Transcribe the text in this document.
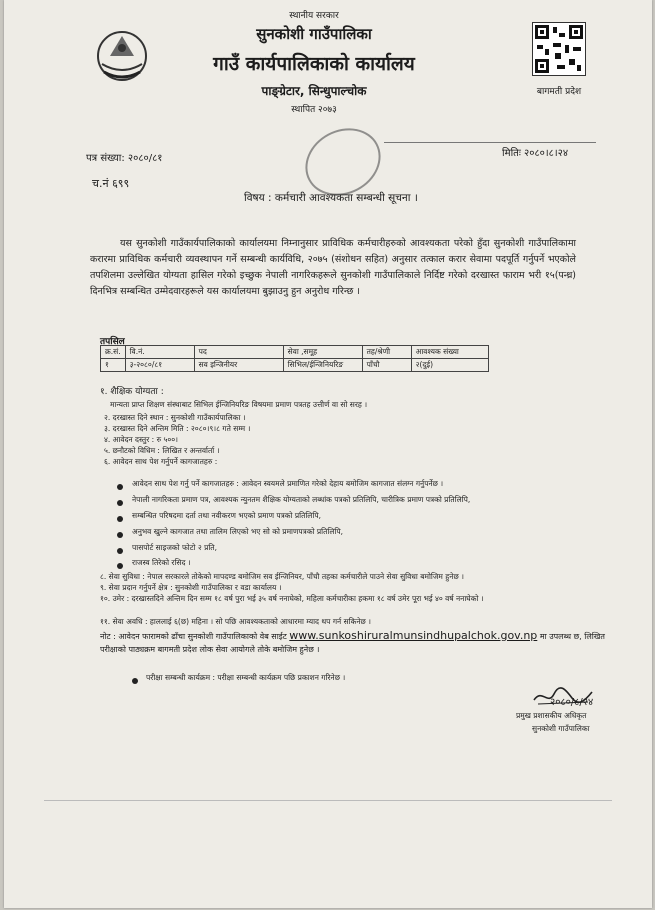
स्थानीय सरकार
सुनकोशी गाउँपालिका
गाउँ कार्यपालिकाको कार्यालय
पाङ्ग्रेटार, सिन्धुपाल्चोक
स्थापित २०७३
बागमती प्रदेश
पत्र संख्या: २०८०/८१
च.नं ६९९
मितिः २०८०।८।२४
विषय : कर्मचारी आवश्यकता सम्बन्धी सूचना ।
यस सुनकोशी गाउँकार्यपालिकाको कार्यालयमा निम्नानुसार प्राविधिक कर्मचारीहरुको आवश्यकता परेको हुँदा सुनकोशी गाउँपालिकामा करारमा प्राविधिक कर्मचारी व्यवस्थापन गर्ने सम्बन्धी कार्यविधि, २०७५ (संशोधन सहित) अनुसार तत्काल करार सेवामा पदपूर्ति गर्नुपर्ने भएकोले तपशिलमा उल्लेखित योग्यता हासिल गरेको इच्छुक नेपाली नागरिकहरूले सुनकोशी गाउँपालिकाले निर्दिष्ट गरेको दरखास्त फाराम भरी १५(पन्ध्र) दिनभित्र सम्बन्धित उम्मेदवारहरूले यस कार्यालयमा बुझाउनु हुन अनुरोध गरिन्छ ।
तपसिल
क्र.सं.	वि.नं.	पद	सेवा ,समूह	तह/श्रेणी	आवश्यक संख्या
१	३-२०८०/८१	सव इन्जिनीयर	सिभिल/ईन्जिनियरिङ	पाँचौ	२(दुई)
१. शैक्षिक योग्यता :
मान्यता प्राप्त शिक्षण संस्थाबाट सिभिल ईन्जिनियरिङ विषयमा प्रमाण पत्रतह उत्तीर्ण वा सो सरह ।
२. दरखास्त दिने स्थान : सुनकोशी गाउँकार्यपालिका ।
३. दरखास्त दिने अन्तिम मिति : २०८०।९।८ गते सम्म ।
४. आवेदन दस्तुर : रु ५००।
५. छनौटको विधिम : लिखित र अन्तर्वार्ता ।
६. आवेदन साथ पेश गर्नुपर्ने कागजातहरु :
आवेदन साथ पेश गर्नु पर्ने कागजातहरु : आवेदन स्वयमले प्रमाणित गरेको देहाय बमोजिम कागजात संलग्न गर्नुपर्नेछ ।
नेपाली नागरिकता प्रमाण पत्र, आवश्यक न्युनतम शैक्षिक योग्यताको लब्धांक पत्रको प्रतिलिपि, चारीत्रिक प्रमाण पत्रको प्रतिलिपि,
सम्बन्धित परिषदमा दर्ता तथा नवीकरण भएको प्रमाण पत्रको प्रतिलिपि,
अनुभव खुल्ने कागजात तथा तालिम लिएको भए सो को प्रमाणपत्रको प्रतिलिपि,
पासपोर्ट साइजको फोटो २ प्रति,
राजस्व तिरेको रसिद ।
८. सेवा सुविधा : नेपाल सरकारले तोकेको मापदण्ड बमोजिम सव ईन्जिनियर, पाँचौ तहका कर्मचारीले पाउने सेवा सुविधा बमोजिम हुनेछ ।
९. सेवा प्रदान गर्नुपर्ने क्षेत्र : सुनकोशी गाउँपालिका र वडा कार्यालय ।
१०. उमेर : दरखास्तदिने अन्तिम दिन सम्म १८ वर्ष पुरा भई ३५ वर्ष ननाघेको, महिला कर्मचारीका हकमा १८ वर्ष उमेर पूरा भई ४० वर्ष ननाघेको ।
११. सेवा अवधि : हाललाई ६(छ) महिना । सो पछि आवश्यकताको आधारमा म्याद थप गर्न सकिनेछ ।
नोट : आवेदन फारामको ढाँचा सुनकोशी गाउँपालिकाको वेब साईट www.sunkoshiruralmunsindhupalchok.gov.np मा उपलब्ध छ, लिखित परीक्षाको पाठ्यक्रम बागमती प्रदेश लोक सेवा आयोगले तोके बमोजिम हुनेछ ।
परीक्षा सम्बन्धी कार्यक्रम : परीक्षा सम्बन्धी कार्यक्रम पछि प्रकाशन गरिनेछ ।
२०८०/८/२४
प्रमुख प्रशासकीय अधिकृत
सुनकोशी गाउँपालिका
